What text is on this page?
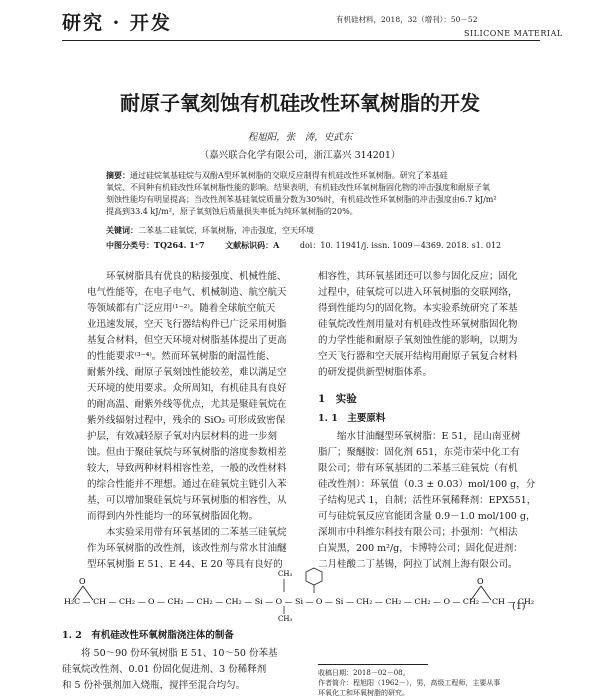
研究 · 开发	有机硅材料，2018，32（增刊）：50－52
SILICONE MATERIAL
耐原子氧刻蚀有机硅改性环氧树脂的开发
程旭阳，张　涛，史武东
（嘉兴联合化学有限公司，浙江嘉兴 314201）
摘要：通过硅烷氧基硅烷与双酚A型环氧树脂的交联反应制得有机硅改性环氧树脂。研究了苯基硅
氧烷、不同种有机硅改性环氧树脂性能的影响。结果表明，有机硅改性环氧树脂固化物的冲击强度和耐原子氧
刻蚀性能均有明显提高；当改性剂苯基硅氧烷质量分数为30%时，有机硅改性环氧树脂的冲击强度由6.7 kJ/m²
提高到33.4 kJ/m²，原子氧刻蚀后质量损失率低为纯环氧树脂的20%。
关键词：二苯基二硅氧烷，环氧树脂，冲击强度，空天环境
中图分类号：TQ264. 1⁺7	文献标识码：A	doi：10. 11941/j. issn. 1009－4369. 2018. s1. 012
　　环氧树脂具有优良的粘接强度、机械性能、
电气性能等，在电子电气、机械制造、航空航天
等领域都有广泛应用⁽¹⁻²⁾。随着全球航空航天
业迅速发展，空天飞行器结构件已广泛采用树脂
基复合材料，但空天环境对树脂基体提出了更高
的性能要求⁽³⁻⁴⁾。然而环氧树脂的耐温性能、
耐紫外线、耐原子氧刻蚀性能较差，难以满足空
天环境的使用要求。众所周知，有机硅具有良好
的耐高温、耐紫外线等优点，尤其是聚硅氧烷在
紫外线辐射过程中，残余的 SiO₂ 可形成致密保
护层，有效减轻原子氧对内层材料的进一步刻
蚀。但由于聚硅氧烷与环氧树脂的溶度参数相差
较大，导致两种材料相容性差，一般的改性材料
的综合性能并不理想。通过在硅氧烷主链引入苯
基，可以增加聚硅氧烷与环氧树脂的相容性，从
而得到内外性能均一的环氧树脂固化物。
　　本实验采用带有环氧基团的二苯基三硅氧烷
作为环氧树脂的改性剂，该改性剂与常水甘油醚
型环氧树脂 E 51、E 44、E 20 等具有良好的
相容性，其环氧基团还可以参与固化反应；固化
过程中，硅氧烷可以进入环氧树脂的交联网络，
得到性能均匀的固化物。本实验系统研究了苯基
硅氧烷改性剂用量对有机硅改性环氧树脂固化物
的力学性能和耐原子氧刻蚀性能的影响，以期为
空天飞行器和空天展开结构用耐原子氧复合材料
的研发提供新型树脂体系。
1　实验
1. 1　主要原料
　　缩水甘油醚型环氧树脂：E 51，昆山南亚树
脂厂；聚醚胺：固化剂 651，东莞市荣中化工有
限公司；带有环氧基团的二苯基三硅氧烷（有机
硅改性剂）：环氧值（0.3 ± 0.03）mol/100 g，分
子结构见式 1，自制；活性环氧稀释剂：EPX551，
可与硅烷氧反应官能团含量 0.9－1.0 mol/100 g，
深圳市中科维尔科技有限公司；扑强剂：气相法
白炭黑，200 m²/g，卡博特公司；固化促进剂：
二月桂酸二丁基锡，阿拉丁试剂上海有限公司。
O	O
CH₃
CH₃
H₂C — CH — CH₂ — O — CH₂ — CH₂ — CH₂ — Si — O — Si — O — Si — CH₂ — CH₂ — CH₂ — O — CH₂ — CH — CH₂
(1)
1. 2　有机硅改性环氧树脂浇注体的制备
　　将 50～90 份环氧树脂 E 51、10～50 份苯基
硅氧烷改性剂、0.01 份固化促进剂、3 份稀释剂
和 5 份补强剂加入烧瓶，搅拌至混合均匀。
收稿日期：2018－02－08。
作者简介：程旭阳（1962－），男，高级工程师，主要从事
环氧化工和环氧树脂的研究。
